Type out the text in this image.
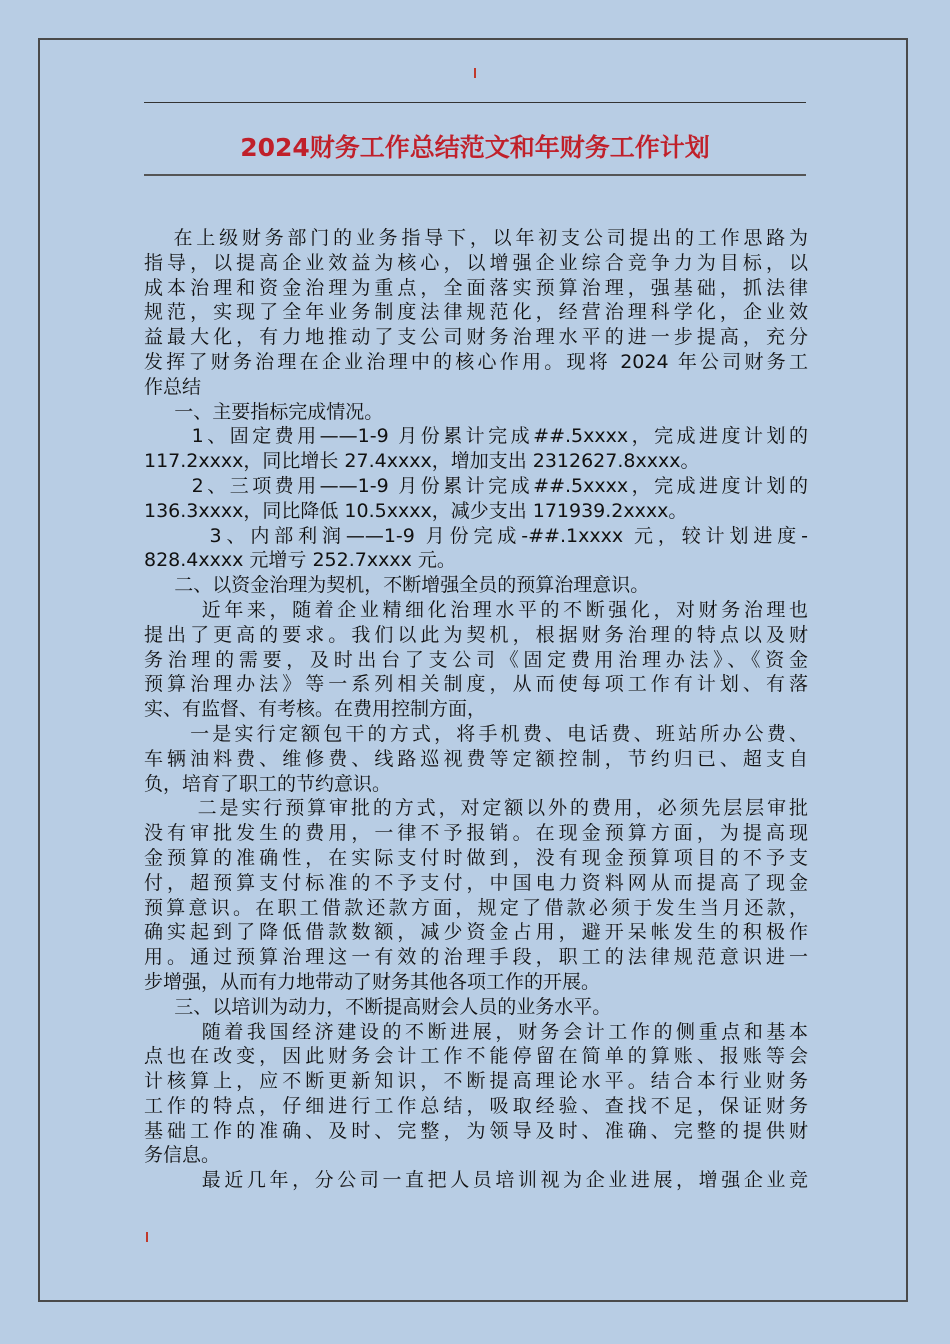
2024财务工作总结范文和年财务工作计划
在上级财务部门的业务指导下，以年初支公司提出的工作思路为
指导，以提高企业效益为核心，以增强企业综合竞争力为目标，以
成本治理和资金治理为重点，全面落实预算治理，强基础，抓法律
规范，实现了全年业务制度法律规范化，经营治理科学化，企业效
益最大化，有力地推动了支公司财务治理水平的进一步提高，充分
发挥了财务治理在企业治理中的核心作用。现将 2024 年公司财务工
作总结
一、主要指标完成情况。
1、固定费用——1-9 月份累计完成##.5xxxx，完成进度计划的
117.2xxxx，同比增长 27.4xxxx，增加支出 2312627.8xxxx。
2、三项费用——1-9 月份累计完成##.5xxxx，完成进度计划的
136.3xxxx，同比降低 10.5xxxx，减少支出 171939.2xxxx。
3、内部利润——1-9 月份完成-##.1xxxx 元，较计划进度-
828.4xxxx 元增亏 252.7xxxx 元。
二、以资金治理为契机，不断增强全员的预算治理意识。
近年来，随着企业精细化治理水平的不断强化，对财务治理也
提出了更高的要求。我们以此为契机，根据财务治理的特点以及财
务治理的需要，及时出台了支公司《固定费用治理办法》、《资金
预算治理办法》等一系列相关制度，从而使每项工作有计划、有落
实、有监督、有考核。在费用控制方面，
一是实行定额包干的方式，将手机费、电话费、班站所办公费、
车辆油料费、维修费、线路巡视费等定额控制，节约归已、超支自
负，培育了职工的节约意识。
二是实行预算审批的方式，对定额以外的费用，必须先层层审批
没有审批发生的费用，一律不予报销。在现金预算方面，为提高现
金预算的准确性，在实际支付时做到，没有现金预算项目的不予支
付，超预算支付标准的不予支付，中国电力资料网从而提高了现金
预算意识。在职工借款还款方面，规定了借款必须于发生当月还款，
确实起到了降低借款数额，减少资金占用，避开呆帐发生的积极作
用。通过预算治理这一有效的治理手段，职工的法律规范意识进一
步增强，从而有力地带动了财务其他各项工作的开展。
三、以培训为动力，不断提高财会人员的业务水平。
随着我国经济建设的不断进展，财务会计工作的侧重点和基本
点也在改变，因此财务会计工作不能停留在简单的算账、报账等会
计核算上，应不断更新知识，不断提高理论水平。结合本行业财务
工作的特点，仔细进行工作总结，吸取经验、查找不足，保证财务
基础工作的准确、及时、完整，为领导及时、准确、完整的提供财
务信息。
最近几年，分公司一直把人员培训视为企业进展，增强企业竞
